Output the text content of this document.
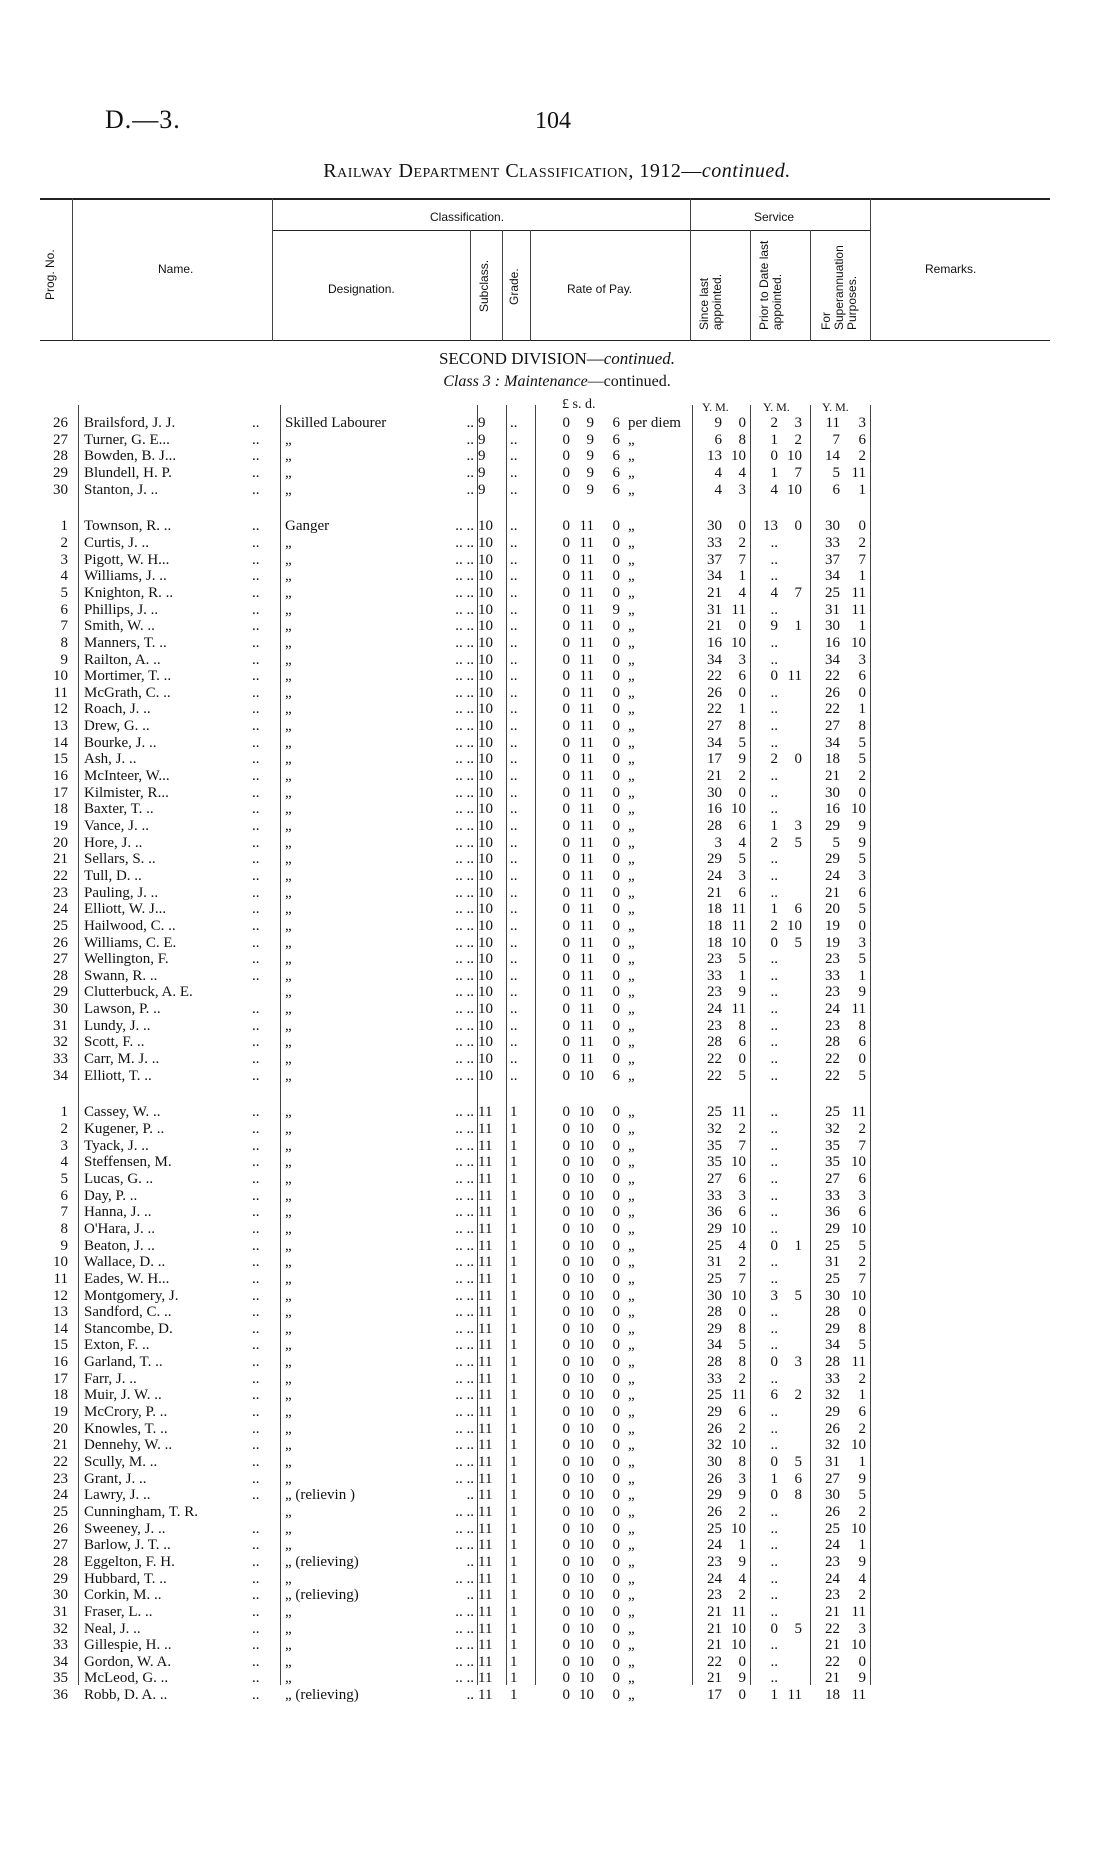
D.—3.	104
Railway Department Classification, 1912—continued.
Prog. No.	Name.
Classification.
Designation.	Subclass. Grade.	Rate of Pay.
Service
Since last appointed.	Prior to Date last appointed.	For Superannuation Purposes.
Remarks.
SECOND DIVISION—continued.
Class 3 : Maintenance—continued.
£ s. d.	Y. M.	Y. M.	Y. M.
26 Brailsford, J. J.	..	Skilled Labourer	.. 9	..	0	9	6 per diem	9	0	2	3	11	3
27 Turner, G. E...	..	„	.. 9	..	0	9	6 „	6	8	1	2	7	6
28 Bowden, B. J...	..	„	.. 9	..	0	9	6 „	13 10	0 10	14	2
29 Blundell, H. P.	..	„	.. 9	..	0	9	6 „	4	4	1	7	5 11
30 Stanton, J. ..	..	„	.. 9	..	0	9	6 „	4	3	4 10	6	1
1 Townson, R. ..	..	Ganger	.. .. 10	..	0 11	0 „	30	0	13	0	30	0
2 Curtis, J. ..	..	„	.. .. 10	..	0 11	0 „	33	2	..	33	2
3 Pigott, W. H...	..	„	.. .. 10	..	0 11	0 „	37	7	..	37	7
4 Williams, J. ..	..	„	.. .. 10	..	0 11	0 „	34	1	..	34	1
5 Knighton, R. ..	..	„	.. .. 10	..	0 11	0 „	21	4	4	7	25 11
6 Phillips, J. ..	..	„	.. .. 10	..	0 11	9 „	31 11	..	31 11
7 Smith, W. ..	..	„	.. .. 10	..	0 11	0 „	21	0	9	1	30	1
8 Manners, T. ..	..	„	.. .. 10	..	0 11	0 „	16 10	..	16 10
9 Railton, A. ..	..	„	.. .. 10	..	0 11	0 „	34	3	..	34	3
10 Mortimer, T. ..	..	„	.. .. 10	..	0 11	0 „	22	6	0 11	22	6
11 McGrath, C. ..	..	„	.. .. 10	..	0 11	0 „	26	0	..	26	0
12 Roach, J. ..	..	„	.. .. 10	..	0 11	0 „	22	1	..	22	1
13 Drew, G. ..	..	„	.. .. 10	..	0 11	0 „	27	8	..	27	8
14 Bourke, J. ..	..	„	.. .. 10	..	0 11	0 „	34	5	..	34	5
15 Ash, J. ..	..	„	.. .. 10	..	0 11	0 „	17	9	2	0	18	5
16 McInteer, W...	..	„	.. .. 10	..	0 11	0 „	21	2	..	21	2
17 Kilmister, R...	..	„	.. .. 10	..	0 11	0 „	30	0	..	30	0
18 Baxter, T. ..	..	„	.. .. 10	..	0 11	0 „	16 10	..	16 10
19 Vance, J. ..	..	„	.. .. 10	..	0 11	0 „	28	6	1	3	29	9
20 Hore, J. ..	..	„	.. .. 10	..	0 11	0 „	3	4	2	5	5	9
21 Sellars, S. ..	..	„	.. .. 10	..	0 11	0 „	29	5	..	29	5
22 Tull, D. ..	..	„	.. .. 10	..	0 11	0 „	24	3	..	24	3
23 Pauling, J. ..	..	„	.. .. 10	..	0 11	0 „	21	6	..	21	6
24 Elliott, W. J...	..	„	.. .. 10	..	0 11	0 „	18 11	1	6	20	5
25 Hailwood, C. ..	..	„	.. .. 10	..	0 11	0 „	18 11	2 10	19	0
26 Williams, C. E.	..	„	.. .. 10	..	0 11	0 „	18 10	0	5	19	3
27 Wellington, F.	..	„	.. .. 10	..	0 11	0 „	23	5	..	23	5
28 Swann, R. ..	..	„	.. .. 10	..	0 11	0 „	33	1	..	33	1
29 Clutterbuck, A. E.	„	.. .. 10	..	0 11	0 „	23	9	..	23	9
30 Lawson, P. ..	..	„	.. .. 10	..	0 11	0 „	24 11	..	24 11
31 Lundy, J. ..	..	„	.. .. 10	..	0 11	0 „	23	8	..	23	8
32 Scott, F. ..	..	„	.. .. 10	..	0 11	0 „	28	6	..	28	6
33 Carr, M. J. ..	..	„	.. .. 10	..	0 11	0 „	22	0	..	22	0
34 Elliott, T. ..	..	„	.. .. 10	..	0 10	6 „	22	5	..	22	5
1 Cassey, W. ..	..	„	.. .. 11	1	0 10	0 „	25 11	..	25 11
2 Kugener, P. ..	..	„	.. .. 11	1	0 10	0 „	32	2	..	32	2
3 Tyack, J. ..	..	„	.. .. 11	1	0 10	0 „	35	7	..	35	7
4 Steffensen, M.	..	„	.. .. 11	1	0 10	0 „	35 10	..	35 10
5 Lucas, G. ..	..	„	.. .. 11	1	0 10	0 „	27	6	..	27	6
6 Day, P. ..	..	„	.. .. 11	1	0 10	0 „	33	3	..	33	3
7 Hanna, J. ..	..	„	.. .. 11	1	0 10	0 „	36	6	..	36	6
8 O'Hara, J. ..	..	„	.. .. 11	1	0 10	0 „	29 10	..	29 10
9 Beaton, J. ..	..	„	.. .. 11	1	0 10	0 „	25	4	0	1	25	5
10 Wallace, D. ..	..	„	.. .. 11	1	0 10	0 „	31	2	..	31	2
11 Eades, W. H...	..	„	.. .. 11	1	0 10	0 „	25	7	..	25	7
12 Montgomery, J.	..	„	.. .. 11	1	0 10	0 „	30 10	3	5	30 10
13 Sandford, C. ..	..	„	.. .. 11	1	0 10	0 „	28	0	..	28	0
14 Stancombe, D.	..	„	.. .. 11	1	0 10	0 „	29	8	..	29	8
15 Exton, F. ..	..	„	.. .. 11	1	0 10	0 „	34	5	..	34	5
16 Garland, T. ..	..	„	.. .. 11	1	0 10	0 „	28	8	0	3	28 11
17 Farr, J. ..	..	„	.. .. 11	1	0 10	0 „	33	2	..	33	2
18 Muir, J. W. ..	..	„	.. .. 11	1	0 10	0 „	25 11	6	2	32	1
19 McCrory, P. ..	..	„	.. .. 11	1	0 10	0 „	29	6	..	29	6
20 Knowles, T. ..	..	„	.. .. 11	1	0 10	0 „	26	2	..	26	2
21 Dennehy, W. ..	..	„	.. .. 11	1	0 10	0 „	32 10	..	32 10
22 Scully, M. ..	..	„	.. .. 11	1	0 10	0 „	30	8	0	5	31	1
23 Grant, J. ..	..	„	.. .. 11	1	0 10	0 „	26	3	1	6	27	9
24 Lawry, J. ..	..	„ (relievin )	.. 11	1	0 10	0 „	29	9	0	8	30	5
25 Cunningham, T. R.	„	.. .. 11	1	0 10	0 „	26	2	..	26	2
26 Sweeney, J. ..	..	„	.. .. 11	1	0 10	0 „	25 10	..	25 10
27 Barlow, J. T. ..	..	„	.. .. 11	1	0 10	0 „	24	1	..	24	1
28 Eggelton, F. H.	..	„ (relieving)	.. 11	1	0 10	0 „	23	9	..	23	9
29 Hubbard, T. ..	..	„	.. .. 11	1	0 10	0 „	24	4	..	24	4
30 Corkin, M. ..	..	„ (relieving)	.. 11	1	0 10	0 „	23	2	..	23	2
31 Fraser, L. ..	..	„	.. .. 11	1	0 10	0 „	21 11	..	21 11
32 Neal, J. ..	..	„	.. .. 11	1	0 10	0 „	21 10	0	5	22	3
33 Gillespie, H. ..	..	„	.. .. 11	1	0 10	0 „	21 10	..	21 10
34 Gordon, W. A.	..	„	.. .. 11	1	0 10	0 „	22	0	..	22	0
35 McLeod, G. ..	..	„	.. .. 11	1	0 10	0 „	21	9	..	21	9
36 Robb, D. A. ..	..	„ (relieving)	.. 11	1	0 10	0 „	17	0	1 11	18 11
